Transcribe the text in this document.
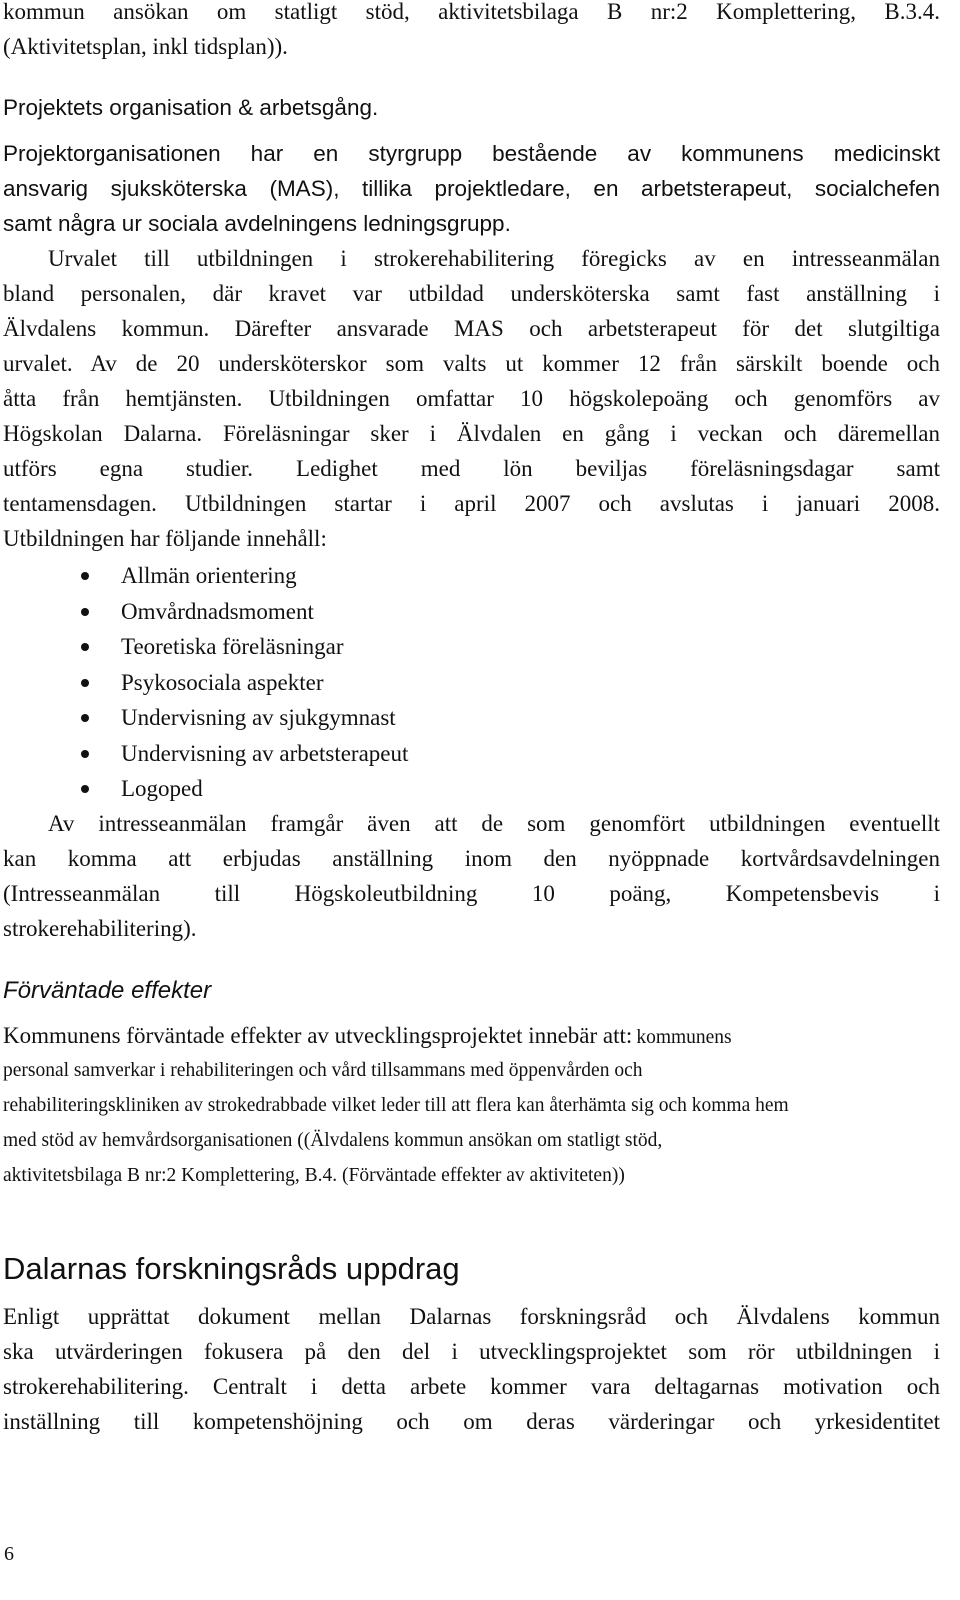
kommun ansökan om statligt stöd, aktivitetsbilaga B nr:2 Komplettering, B.3.4.
(Aktivitetsplan, inkl tidsplan)).
Projektets organisation & arbetsgång.
Projektorganisationen har en styrgrupp bestående av kommunens medicinskt
ansvarig sjuksköterska (MAS), tillika projektledare, en arbetsterapeut, socialchefen
samt några ur sociala avdelningens ledningsgrupp.
Urvalet till utbildningen i strokerehabilitering föregicks av en intresseanmälan
bland personalen, där kravet var utbildad undersköterska samt fast anställning i
Älvdalens kommun. Därefter ansvarade MAS och arbetsterapeut för det slutgiltiga
urvalet. Av de 20 undersköterskor som valts ut kommer 12 från särskilt boende och
åtta från hemtjänsten. Utbildningen omfattar 10 högskolepoäng och genomförs av
Högskolan Dalarna. Föreläsningar sker i Älvdalen en gång i veckan och däremellan
utförs egna studier. Ledighet med lön beviljas föreläsningsdagar samt
tentamensdagen. Utbildningen startar i april 2007 och avslutas i januari 2008.
Utbildningen har följande innehåll:
Allmän orientering
Omvårdnadsmoment
Teoretiska föreläsningar
Psykosociala aspekter
Undervisning av sjukgymnast
Undervisning av arbetsterapeut
Logoped
Av intresseanmälan framgår även att de som genomfört utbildningen eventuellt
kan komma att erbjudas anställning inom den nyöppnade kortvårdsavdelningen
(Intresseanmälan till Högskoleutbildning 10 poäng, Kompetensbevis i
strokerehabilitering).
Förväntade effekter
Kommunens förväntade effekter av utvecklingsprojektet innebär att: kommunens
personal samverkar i rehabiliteringen och vård tillsammans med öppenvården och
rehabiliteringskliniken av strokedrabbade vilket leder till att flera kan återhämta sig och komma hem
med stöd av hemvårdsorganisationen ((Älvdalens kommun ansökan om statligt stöd,
aktivitetsbilaga B nr:2 Komplettering, B.4. (Förväntade effekter av aktiviteten))
Dalarnas forskningsråds uppdrag
Enligt upprättat dokument mellan Dalarnas forskningsråd och Älvdalens kommun
ska utvärderingen fokusera på den del i utvecklingsprojektet som rör utbildningen i
strokerehabilitering. Centralt i detta arbete kommer vara deltagarnas motivation och
inställning till kompetenshöjning och om deras värderingar och yrkesidentitet
6
